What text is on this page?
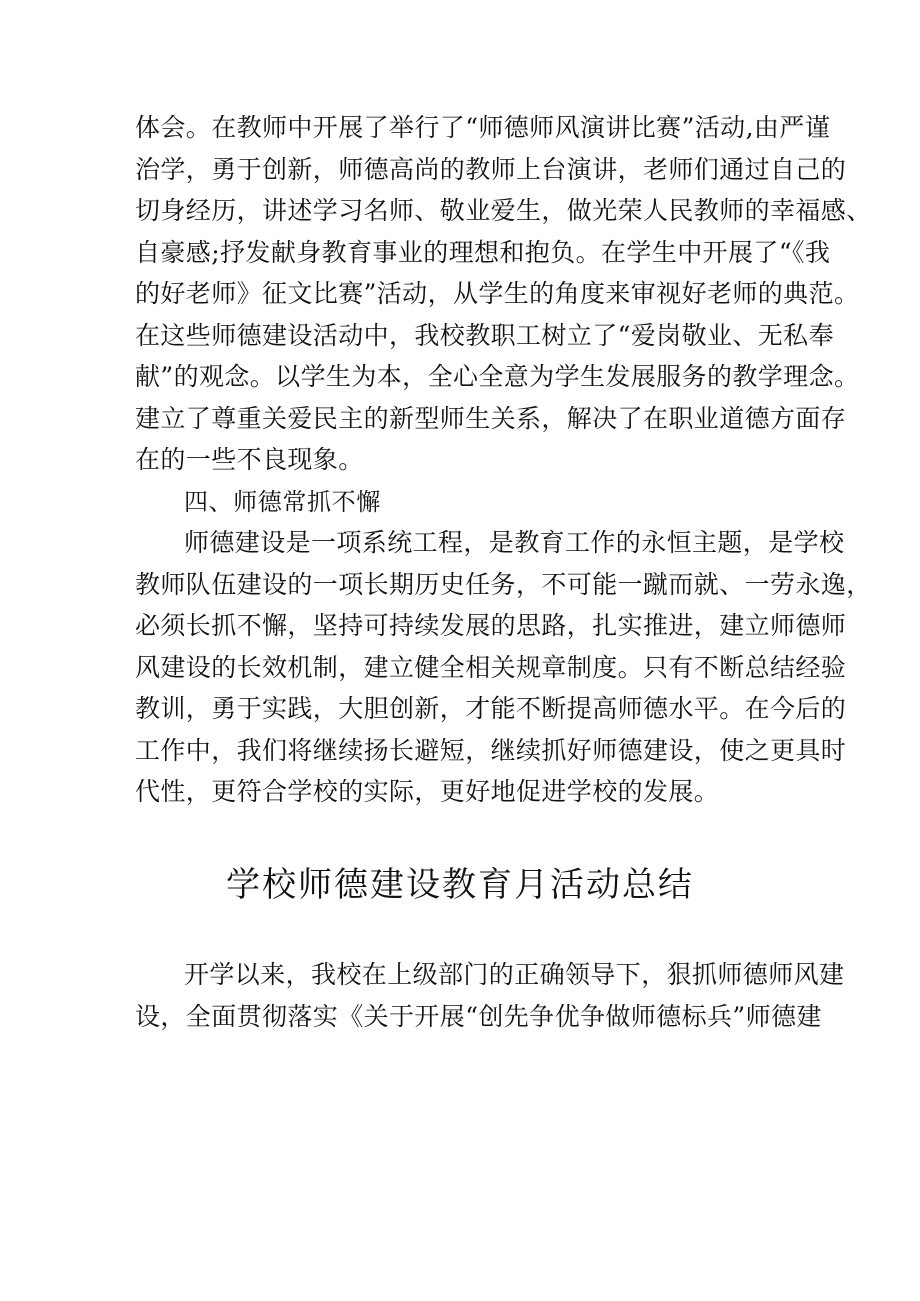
体会。在教师中开展了举行了“师德师风演讲比赛”活动,由严谨
治学，勇于创新，师德高尚的教师上台演讲，老师们通过自己的
切身经历，讲述学习名师、敬业爱生，做光荣人民教师的幸福感、
自豪感;抒发献身教育事业的理想和抱负。在学生中开展了“《我
的好老师》征文比赛”活动，从学生的角度来审视好老师的典范。
在这些师德建设活动中，我校教职工树立了“爱岗敬业、无私奉
献”的观念。以学生为本，全心全意为学生发展服务的教学理念。
建立了尊重关爱民主的新型师生关系，解决了在职业道德方面存
在的一些不良现象。
四、师德常抓不懈
师德建设是一项系统工程，是教育工作的永恒主题，是学校
教师队伍建设的一项长期历史任务，不可能一蹴而就、一劳永逸，
必须长抓不懈，坚持可持续发展的思路，扎实推进，建立师德师
风建设的长效机制，建立健全相关规章制度。只有不断总结经验
教训，勇于实践，大胆创新，才能不断提高师德水平。在今后的
工作中，我们将继续扬长避短，继续抓好师德建设，使之更具时
代性，更符合学校的实际，更好地促进学校的发展。
学校师德建设教育月活动总结
开学以来，我校在上级部门的正确领导下，狠抓师德师风建
设，全面贯彻落实《关于开展“创先争优争做师德标兵”师德建
